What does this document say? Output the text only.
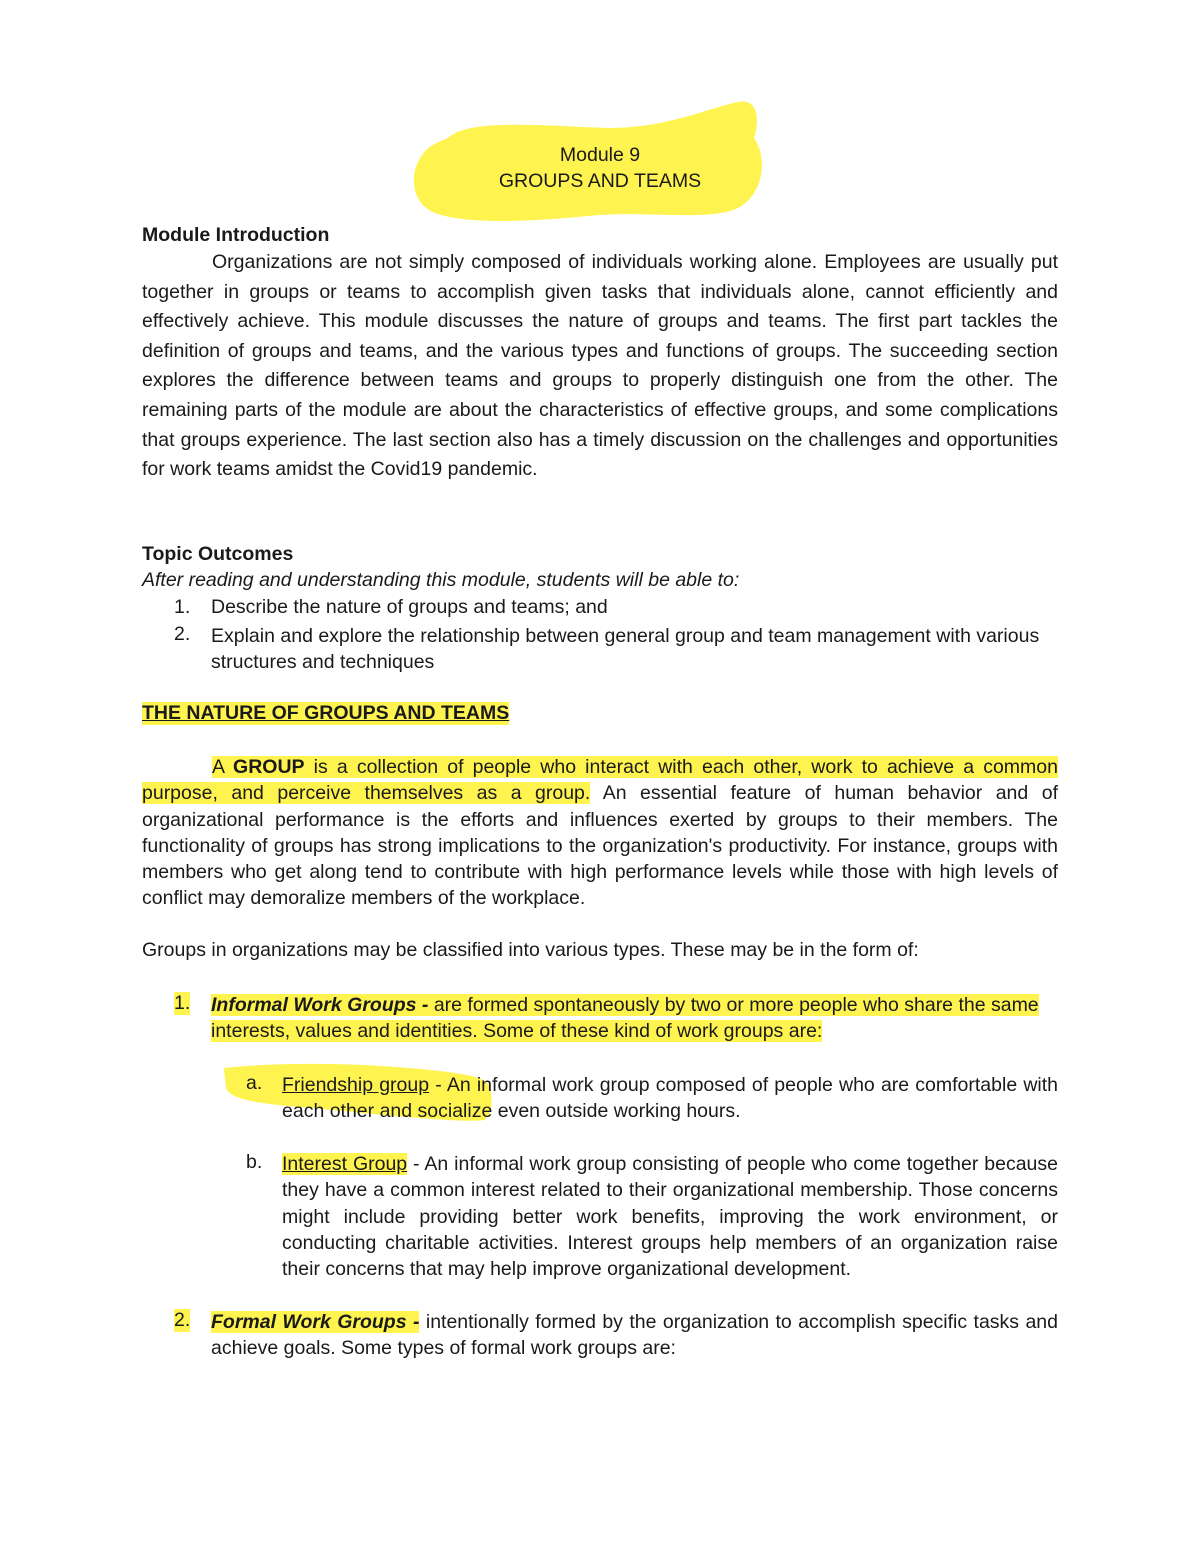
Module 9
GROUPS AND TEAMS
Module Introduction
Organizations are not simply composed of individuals working alone. Employees are usually put together in groups or teams to accomplish given tasks that individuals alone, cannot efficiently and effectively achieve. This module discusses the nature of groups and teams. The first part tackles the definition of groups and teams, and the various types and functions of groups. The succeeding section explores the difference between teams and groups to properly distinguish one from the other. The remaining parts of the module are about the characteristics of effective groups, and some complications that groups experience. The last section also has a timely discussion on the challenges and opportunities for work teams amidst the Covid19 pandemic.
Topic Outcomes
After reading and understanding this module, students will be able to:
1. Describe the nature of groups and teams; and
2. Explain and explore the relationship between general group and team management with various structures and techniques
THE NATURE OF GROUPS AND TEAMS
A GROUP is a collection of people who interact with each other, work to achieve a common purpose, and perceive themselves as a group. An essential feature of human behavior and of organizational performance is the efforts and influences exerted by groups to their members. The functionality of groups has strong implications to the organization's productivity. For instance, groups with members who get along tend to contribute with high performance levels while those with high levels of conflict may demoralize members of the workplace.
Groups in organizations may be classified into various types. These may be in the form of:
1. Informal Work Groups - are formed spontaneously by two or more people who share the same interests, values and identities. Some of these kind of work groups are:
a. Friendship group - An informal work group composed of people who are comfortable with each other and socialize even outside working hours.
b. Interest Group - An informal work group consisting of people who come together because they have a common interest related to their organizational membership. Those concerns might include providing better work benefits, improving the work environment, or conducting charitable activities. Interest groups help members of an organization raise their concerns that may help improve organizational development.
2. Formal Work Groups - intentionally formed by the organization to accomplish specific tasks and achieve goals. Some types of formal work groups are:
